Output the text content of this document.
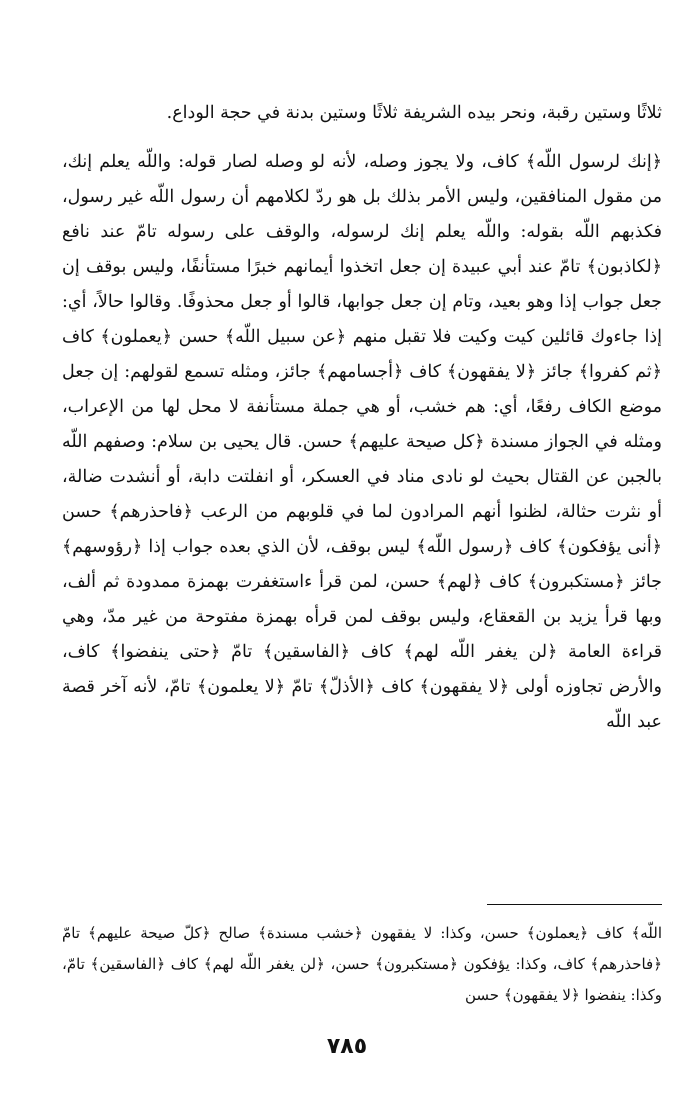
ثلاثًا وستين رقبة، ونحر بيده الشريفة ثلاثًا وستين بدنة في حجة الوداع.

﴿إنك لرسول اللّه﴾ كاف، ولا يجوز وصله، لأنه لو وصله لصار قوله: واللّه يعلم إنك، من مقول المنافقين، وليس الأمر بذلك بل هو ردّ لكلامهم أن رسول اللّه غير رسول، فكذبهم اللّه بقوله: واللّه يعلم إنك لرسوله، والوقف على رسوله تامّ عند نافع ﴿لكاذبون﴾ تامّ عند أبي عبيدة إن جعل اتخذوا أيمانهم خبرًا مستأنفًا، وليس بوقف إن جعل جواب إذا وهو بعيد، وتام إن جعل جوابها، قالوا أو جعل محذوفًا. وقالوا حالاً، أي: إذا جاءوك قائلين كيت وكيت فلا تقبل منهم ﴿عن سبيل اللّه﴾ حسن ﴿يعملون﴾ كاف ﴿ثم كفروا﴾ جائز ﴿لا يفقهون﴾ كاف ﴿أجسامهم﴾ جائز، ومثله تسمع لقولهم: إن جعل موضع الكاف رفعًا، أي: هم خشب، أو هي جملة مستأنفة لا محل لها من الإعراب، ومثله في الجواز مسندة ﴿كل صيحة عليهم﴾ حسن. قال يحيى بن سلام: وصفهم اللّه بالجبن عن القتال بحيث لو نادى مناد في العسكر، أو انفلتت دابة، أو أنشدت ضالة، أو نثرت حثالة، لظنوا أنهم المرادون لما في قلوبهم من الرعب ﴿فاحذرهم﴾ حسن ﴿أنى يؤفكون﴾ كاف ﴿رسول اللّه﴾ ليس بوقف، لأن الذي بعده جواب إذا ﴿رؤوسهم﴾ جائز ﴿مستكبرون﴾ كاف ﴿لهم﴾ حسن، لمن قرأ ءاستغفرت بهمزة ممدودة ثم ألف، وبها قرأ يزيد بن القعقاع، وليس بوقف لمن قرأه بهمزة مفتوحة من غير مدّ، وهي قراءة العامة ﴿لن يغفر اللّه لهم﴾ كاف ﴿الفاسقين﴾ تامّ ﴿حتى ينفضوا﴾ كاف، والأرض تجاوزه أولى ﴿لا يفقهون﴾ كاف ﴿الأذلّ﴾ تامّ ﴿لا يعلمون﴾ تامّ، لأنه آخر قصة عبد اللّه

اللّه﴾ كاف ﴿يعملون﴾ حسن، وكذا: لا يفقهون ﴿خشب مسندة﴾ صالح ﴿كلّ صيحة عليهم﴾ تامّ ﴿فاحذرهم﴾ كاف، وكذا: يؤفكون ﴿مستكبرون﴾ حسن، ﴿لن يغفر اللّه لهم﴾ كاف ﴿الفاسقين﴾ تامّ، وكذا: ينفضوا ﴿لا يفقهون﴾ حسن

٧٨٥
